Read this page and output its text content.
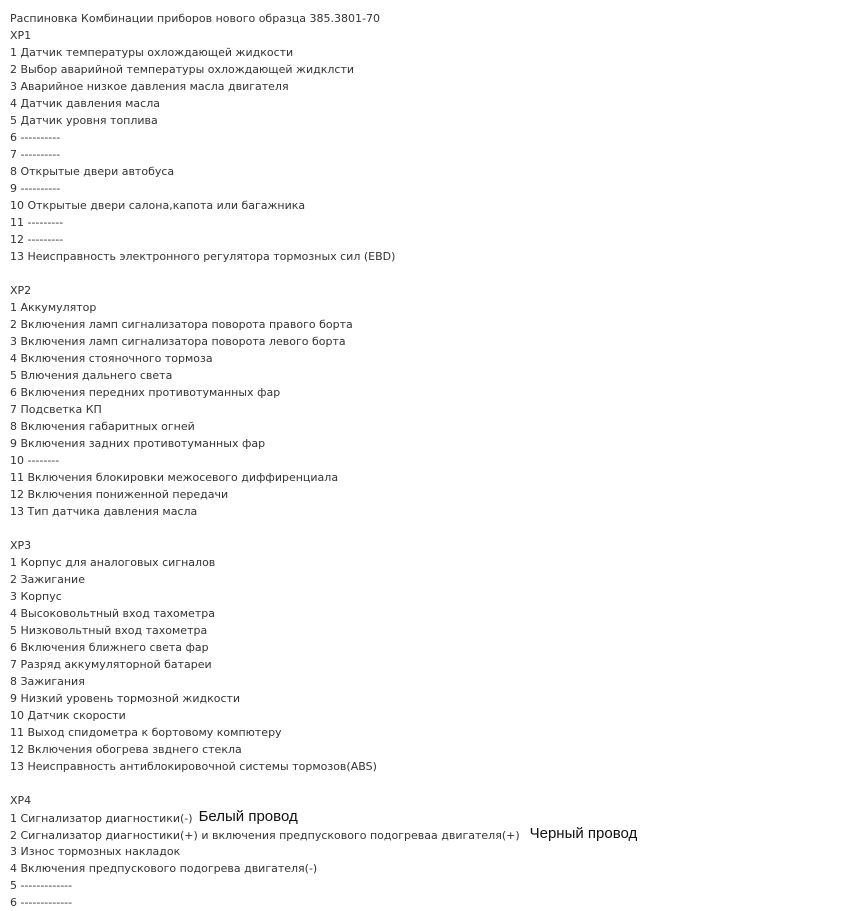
Распиновка Комбинации приборов нового образца 385.3801-70
XP1
1 Датчик температуры охлождающей жидкости
2 Выбор аварийной температуры охлождающей жидклсти
3 Аварийное низкое давления масла двигателя
4 Датчик давления масла
5 Датчик уровня топлива
6 ----------
7 ----------
8 Открытые двери автобуса
9 ----------
10 Открытые двери салона,капота или багажника
11 ---------
12 ---------
13 Неисправность электронного регулятора тормозных сил (EBD)
XP2
1 Аккумулятор
2 Включения ламп сигнализатора поворота правого борта
3 Включения ламп сигнализатора поворота левого борта
4 Включения стояночного тормоза
5 Влючения дальнего света
6 Включения передних противотуманных фар
7 Подсветка КП
8 Включения габаритных огней
9 Включения задних противотуманных фар
10 --------
11 Включения блокировки межосевого диффиренциала
12 Включения пониженной передачи
13 Тип датчика давления масла
XP3
1 Корпус для аналоговых сигналов
2 Зажигание
3 Корпус
4 Высоковольтный вход тахометра
5 Низковольтный вход тахометра
6 Включения ближнего света фар
7 Разряд аккумуляторной батареи
8 Зажигания
9 Низкий уровень тормозной жидкости
10 Датчик скорости
11 Выход спидометра к бортовому компютеру
12 Включения обогрева звднего стекла
13 Неисправность антиблокировочной системы тормозов(ABS)
XP4
1 Сигнализатор диагностики(-) Белый провод
2 Сигнализатор диагностики(+) и включения предпускового подогреваа двигателя(+) Черный провод
3 Износ тормозных накладок
4 Включения предпускового подогрева двигателя(-)
5 -------------
6 -------------
